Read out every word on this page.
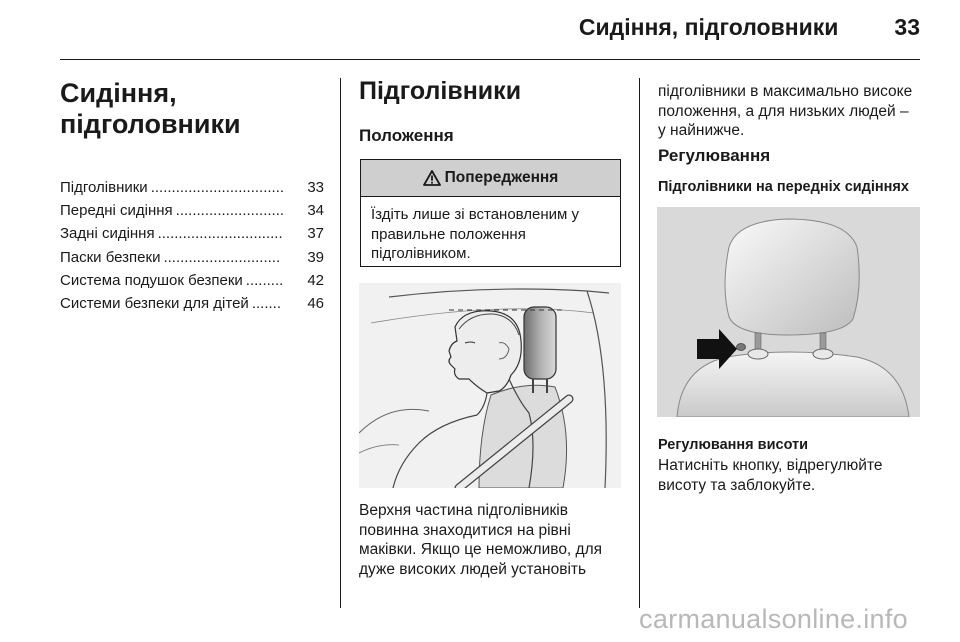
Сидіння, підголовники 33
Сидіння,
підголовники
Підголівники ................................	33
Передні сидіння ..........................	34
Задні сидіння ..............................	37
Паски безпеки ............................	39
Система подушок безпеки .........	42
Системи безпеки для дітей .......	46
Підголівники
Положення
Попередження
Їздіть лише зі встановленим у
правильне положення
підголівником.
Верхня частина підголівників
повинна знаходитися на рівні
маківки. Якщо це неможливо, для
дуже високих людей установіть
підголівники в максимально високе
положення, а для низьких людей –
у найнижче.
Регулювання
Підголівники на передніх сидіннях
Регулювання висоти
Натисніть кнопку, відрегулюйте
висоту та заблокуйте.
carmanualsonline.info
